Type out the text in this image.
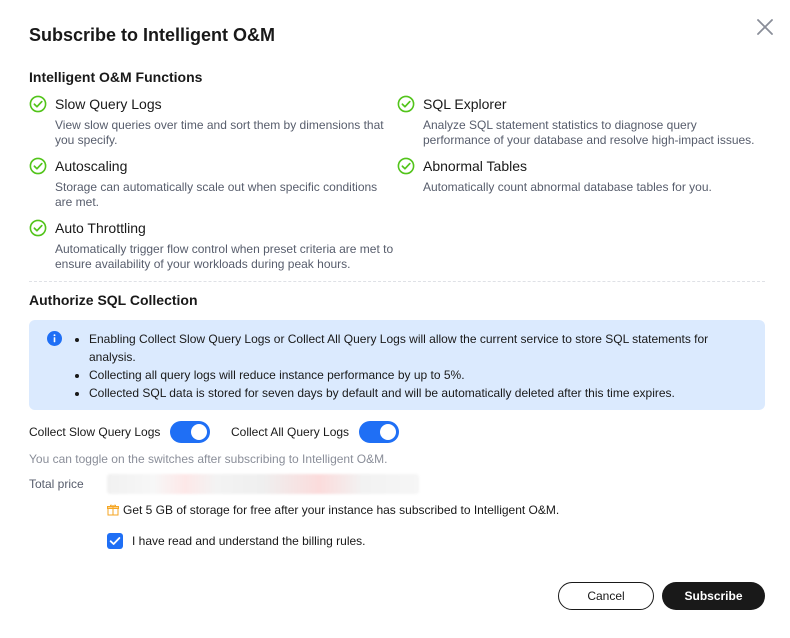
Subscribe to Intelligent O&M
Intelligent O&M Functions
Slow Query Logs
View slow queries over time and sort them by dimensions that you specify.
SQL Explorer
Analyze SQL statement statistics to diagnose query performance of your database and resolve high-impact issues.
Autoscaling
Storage can automatically scale out when specific conditions are met.
Abnormal Tables
Automatically count abnormal database tables for you.
Auto Throttling
Automatically trigger flow control when preset criteria are met to ensure availability of your workloads during peak hours.
Authorize SQL Collection
• Enabling Collect Slow Query Logs or Collect All Query Logs will allow the current service to store SQL statements for analysis.
• Collecting all query logs will reduce instance performance by up to 5%.
• Collected SQL data is stored for seven days by default and will be automatically deleted after this time expires.
Collect Slow Query Logs	Collect All Query Logs
You can toggle on the switches after subscribing to Intelligent O&M.
Total price
Get 5 GB of storage for free after your instance has subscribed to Intelligent O&M.
I have read and understand the billing rules.
Cancel	Subscribe
